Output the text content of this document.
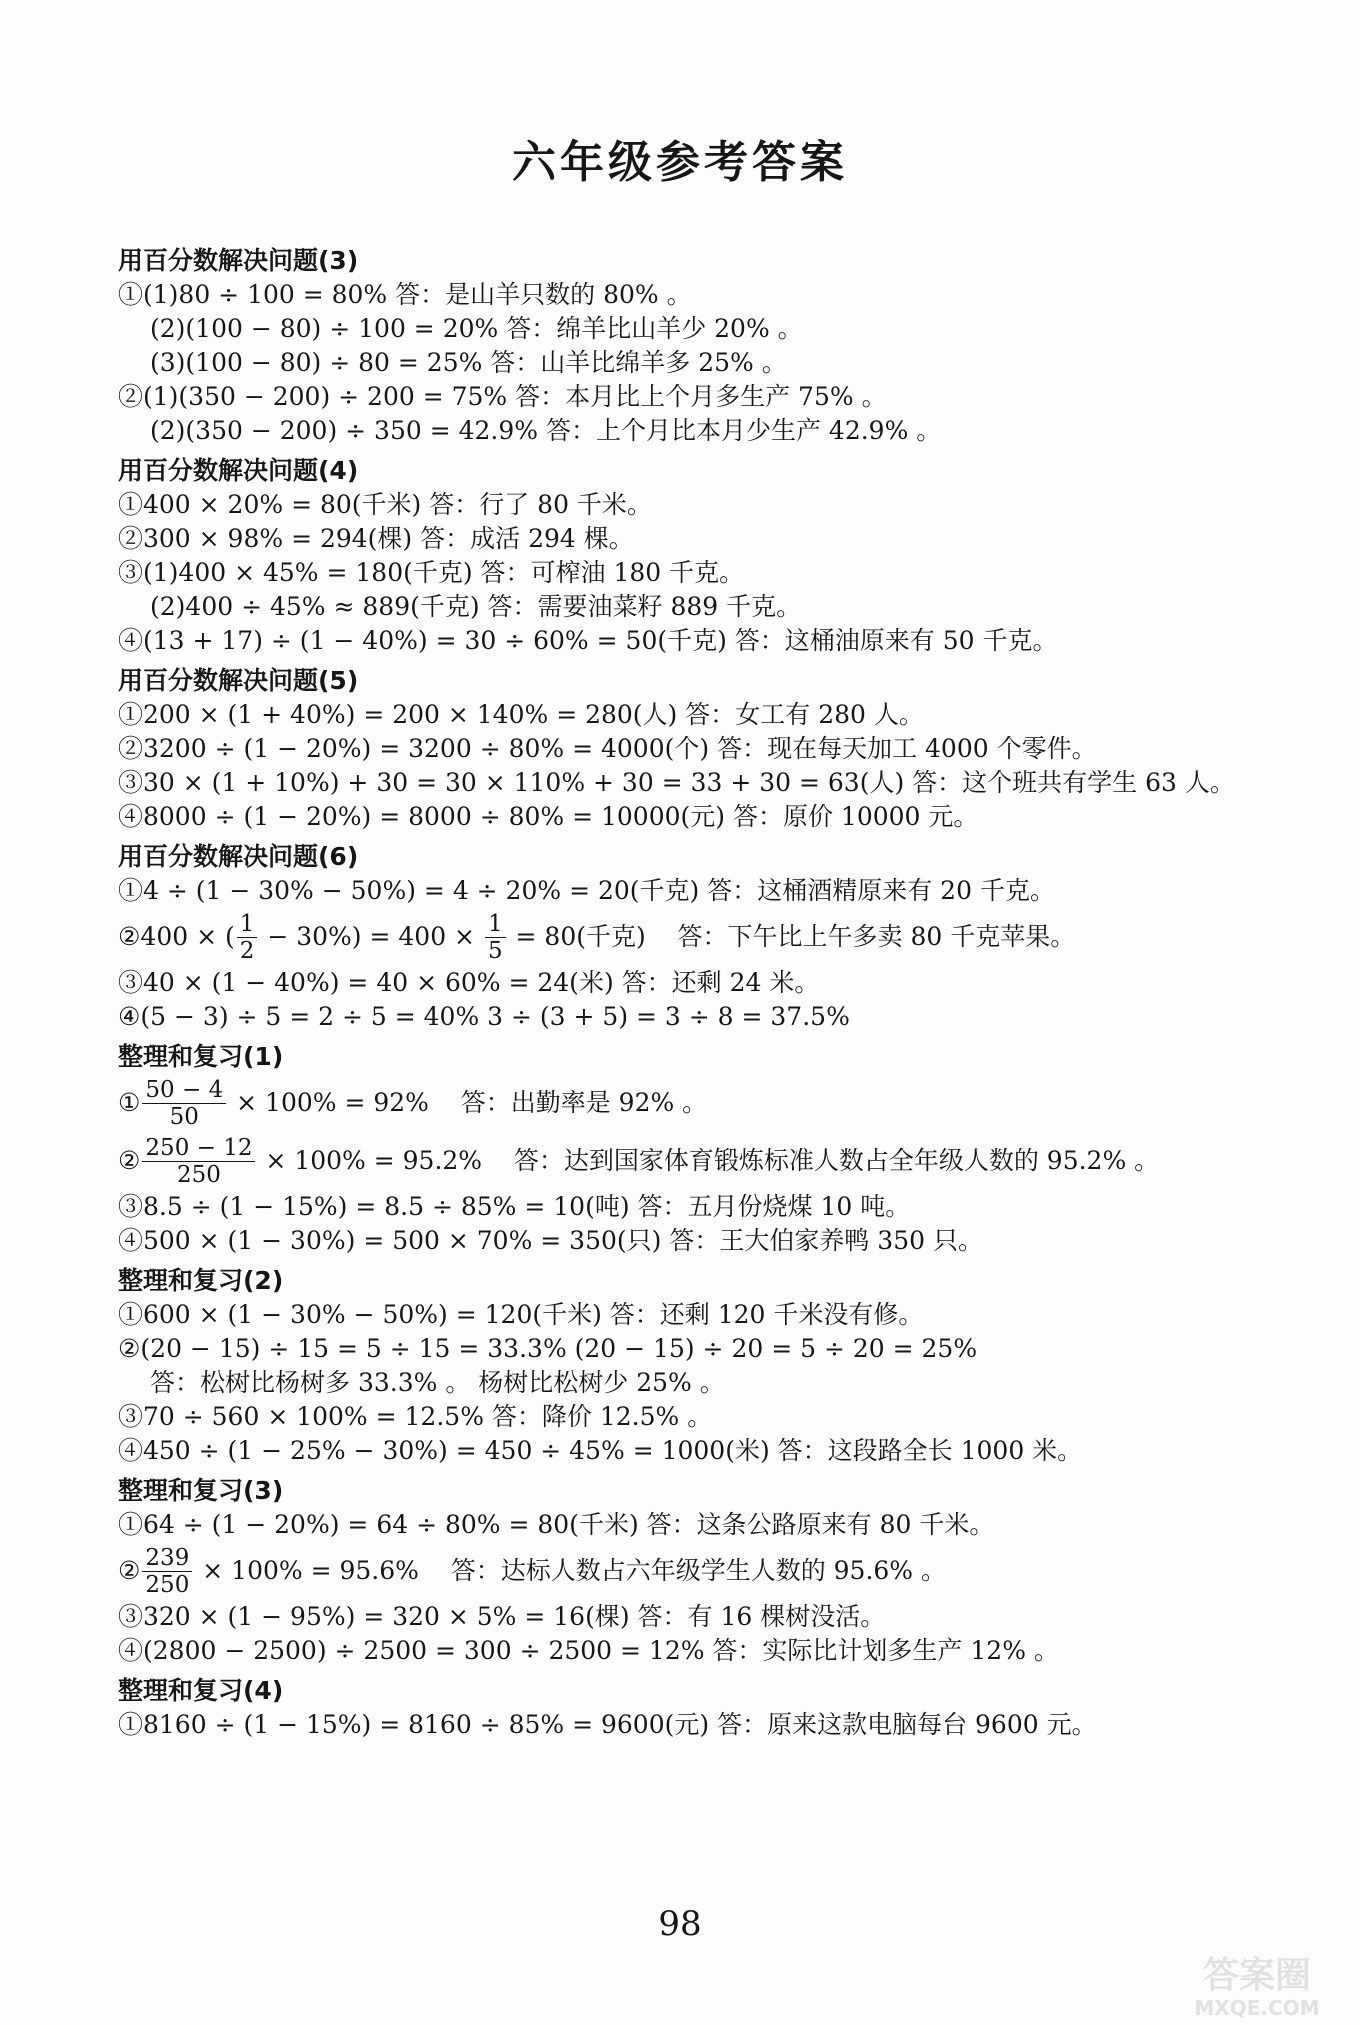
六年级参考答案
用百分数解决问题(3)
①(1)80 ÷ 100 = 80% 答：是山羊只数的 80% 。
(2)(100 − 80) ÷ 100 = 20% 答：绵羊比山羊少 20% 。
(3)(100 − 80) ÷ 80 = 25% 答：山羊比绵羊多 25% 。
②(1)(350 − 200) ÷ 200 = 75% 答：本月比上个月多生产 75% 。
(2)(350 − 200) ÷ 350 = 42.9% 答：上个月比本月少生产 42.9% 。
用百分数解决问题(4)
①400 × 20% = 80(千米) 答：行了 80 千米。
②300 × 98% = 294(棵) 答：成活 294 棵。
③(1)400 × 45% = 180(千克) 答：可榨油 180 千克。
(2)400 ÷ 45% ≈ 889(千克) 答：需要油菜籽 889 千克。
④(13 + 17) ÷ (1 − 40%) = 30 ÷ 60% = 50(千克) 答：这桶油原来有 50 千克。
用百分数解决问题(5)
①200 × (1 + 40%) = 200 × 140% = 280(人) 答：女工有 280 人。
②3200 ÷ (1 − 20%) = 3200 ÷ 80% = 4000(个) 答：现在每天加工 4000 个零件。
③30 × (1 + 10%) + 30 = 30 × 110% + 30 = 33 + 30 = 63(人) 答：这个班共有学生 63 人。
④8000 ÷ (1 − 20%) = 8000 ÷ 80% = 10000(元) 答：原价 10000 元。
用百分数解决问题(6)
①4 ÷ (1 − 30% − 50%) = 4 ÷ 20% = 20(千克) 答：这桶酒精原来有 20 千克。
②400 × ( $\frac{1}{2} - 30\%) = 400 \times \frac{1}{5} = 80$(千克)    答：下午比上午多卖 80 千克苹果。
③40 × (1 − 40%) = 40 × 60% = 24(米) 答：还剩 24 米。
④(5 − 3) ÷ 5 = 2 ÷ 5 = 40% 3 ÷ (3 + 5) = 3 ÷ 8 = 37.5%
整理和复习(1)
① $\frac{50 - 4}{50} \times 100\% = 92\%$    答：出勤率是 92% 。
② $\frac{250 - 12}{250} \times 100\% = 95.2\%$    答：达到国家体育锻炼标准人数占全年级人数的 95.2% 。
③8.5 ÷ (1 − 15%) = 8.5 ÷ 85% = 10(吨) 答：五月份烧煤 10 吨。
④500 × (1 − 30%) = 500 × 70% = 350(只) 答：王大伯家养鸭 350 只。
整理和复习(2)
①600 × (1 − 30% − 50%) = 120(千米) 答：还剩 120 千米没有修。
②(20 − 15) ÷ 15 = 5 ÷ 15 = 33.3% (20 − 15) ÷ 20 = 5 ÷ 20 = 25%
答：松树比杨树多 33.3% 。 杨树比松树少 25% 。
③70 ÷ 560 × 100% = 12.5% 答：降价 12.5% 。
④450 ÷ (1 − 25% − 30%) = 450 ÷ 45% = 1000(米) 答：这段路全长 1000 米。
整理和复习(3)
①64 ÷ (1 − 20%) = 64 ÷ 80% = 80(千米) 答：这条公路原来有 80 千米。
② $\frac{239}{250} \times 100\% = 95.6\%$    答：达标人数占六年级学生人数的 95.6% 。
③320 × (1 − 95%) = 320 × 5% = 16(棵) 答：有 16 棵树没活。
④(2800 − 2500) ÷ 2500 = 300 ÷ 2500 = 12% 答：实际比计划多生产 12% 。
整理和复习(4)
①8160 ÷ (1 − 15%) = 8160 ÷ 85% = 9600(元) 答：原来这款电脑每台 9600 元。
98
答案圈
MXQE.COM
